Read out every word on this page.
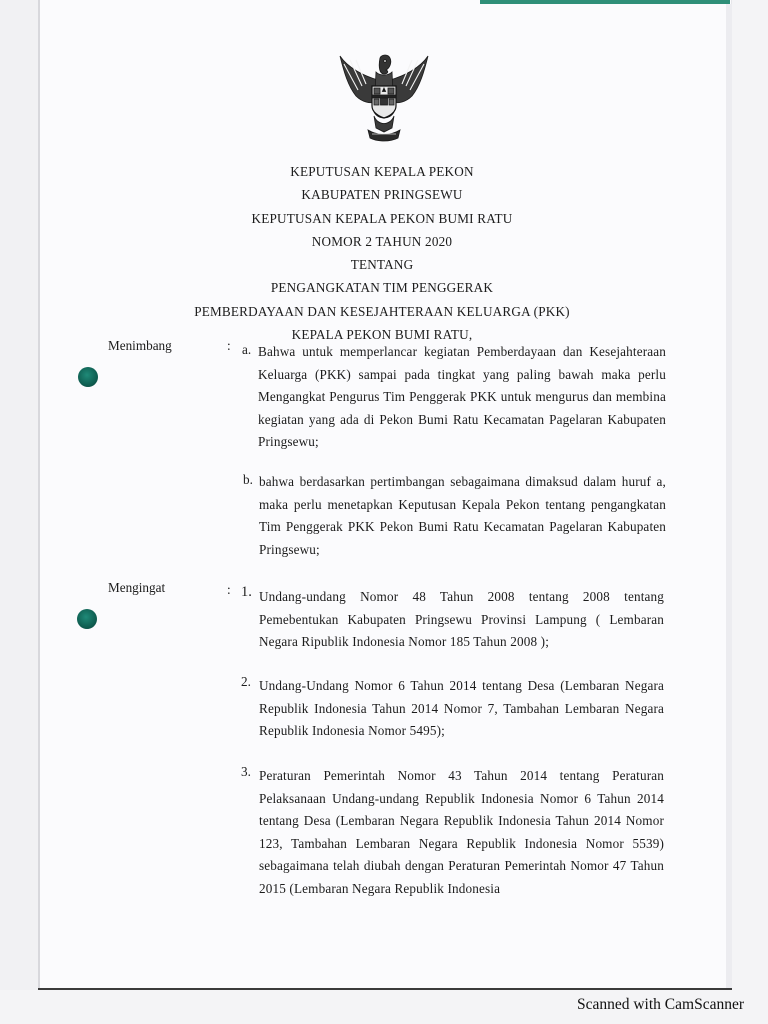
KEPUTUSAN KEPALA PEKON
KABUPATEN PRINGSEWU
KEPUTUSAN KEPALA PEKON BUMI RATU
NOMOR 2 TAHUN 2020
TENTANG
PENGANGKATAN TIM PENGGERAK
PEMBERDAYAAN DAN KESEJAHTERAAN KELUARGA (PKK)
KEPALA PEKON BUMI RATU,
Menimbang	: a. Bahwa untuk memperlancar kegiatan Pemberdayaan dan Kesejahteraan Keluarga (PKK) sampai pada tingkat yang paling bawah maka perlu Mengangkat Pengurus Tim Penggerak PKK untuk mengurus dan membina kegiatan yang ada di Pekon Bumi Ratu Kecamatan Pagelaran Kabupaten Pringsewu;
b. bahwa berdasarkan pertimbangan sebagaimana dimaksud dalam huruf a, maka perlu menetapkan Keputusan Kepala Pekon tentang pengangkatan Tim Penggerak PKK Pekon Bumi Ratu Kecamatan Pagelaran Kabupaten Pringsewu;
Mengingat	: 1. Undang-undang Nomor 48 Tahun 2008 tentang 2008 tentang Pemebentukan Kabupaten Pringsewu Provinsi Lampung ( Lembaran Negara Ripublik Indonesia Nomor 185 Tahun 2008 );
2. Undang-Undang Nomor 6 Tahun 2014 tentang Desa (Lembaran Negara Republik Indonesia Tahun 2014 Nomor 7, Tambahan Lembaran Negara Republik Indonesia Nomor 5495);
3. Peraturan Pemerintah Nomor 43 Tahun 2014 tentang Peraturan Pelaksanaan Undang-undang Republik Indonesia Nomor 6 Tahun 2014 tentang Desa (Lembaran Negara Republik Indonesia Tahun 2014 Nomor 123, Tambahan Lembaran Negara Republik Indonesia Nomor 5539) sebagaimana telah diubah dengan Peraturan Pemerintah Nomor 47 Tahun 2015 (Lembaran Negara Republik Indonesia
Scanned with CamScanner
